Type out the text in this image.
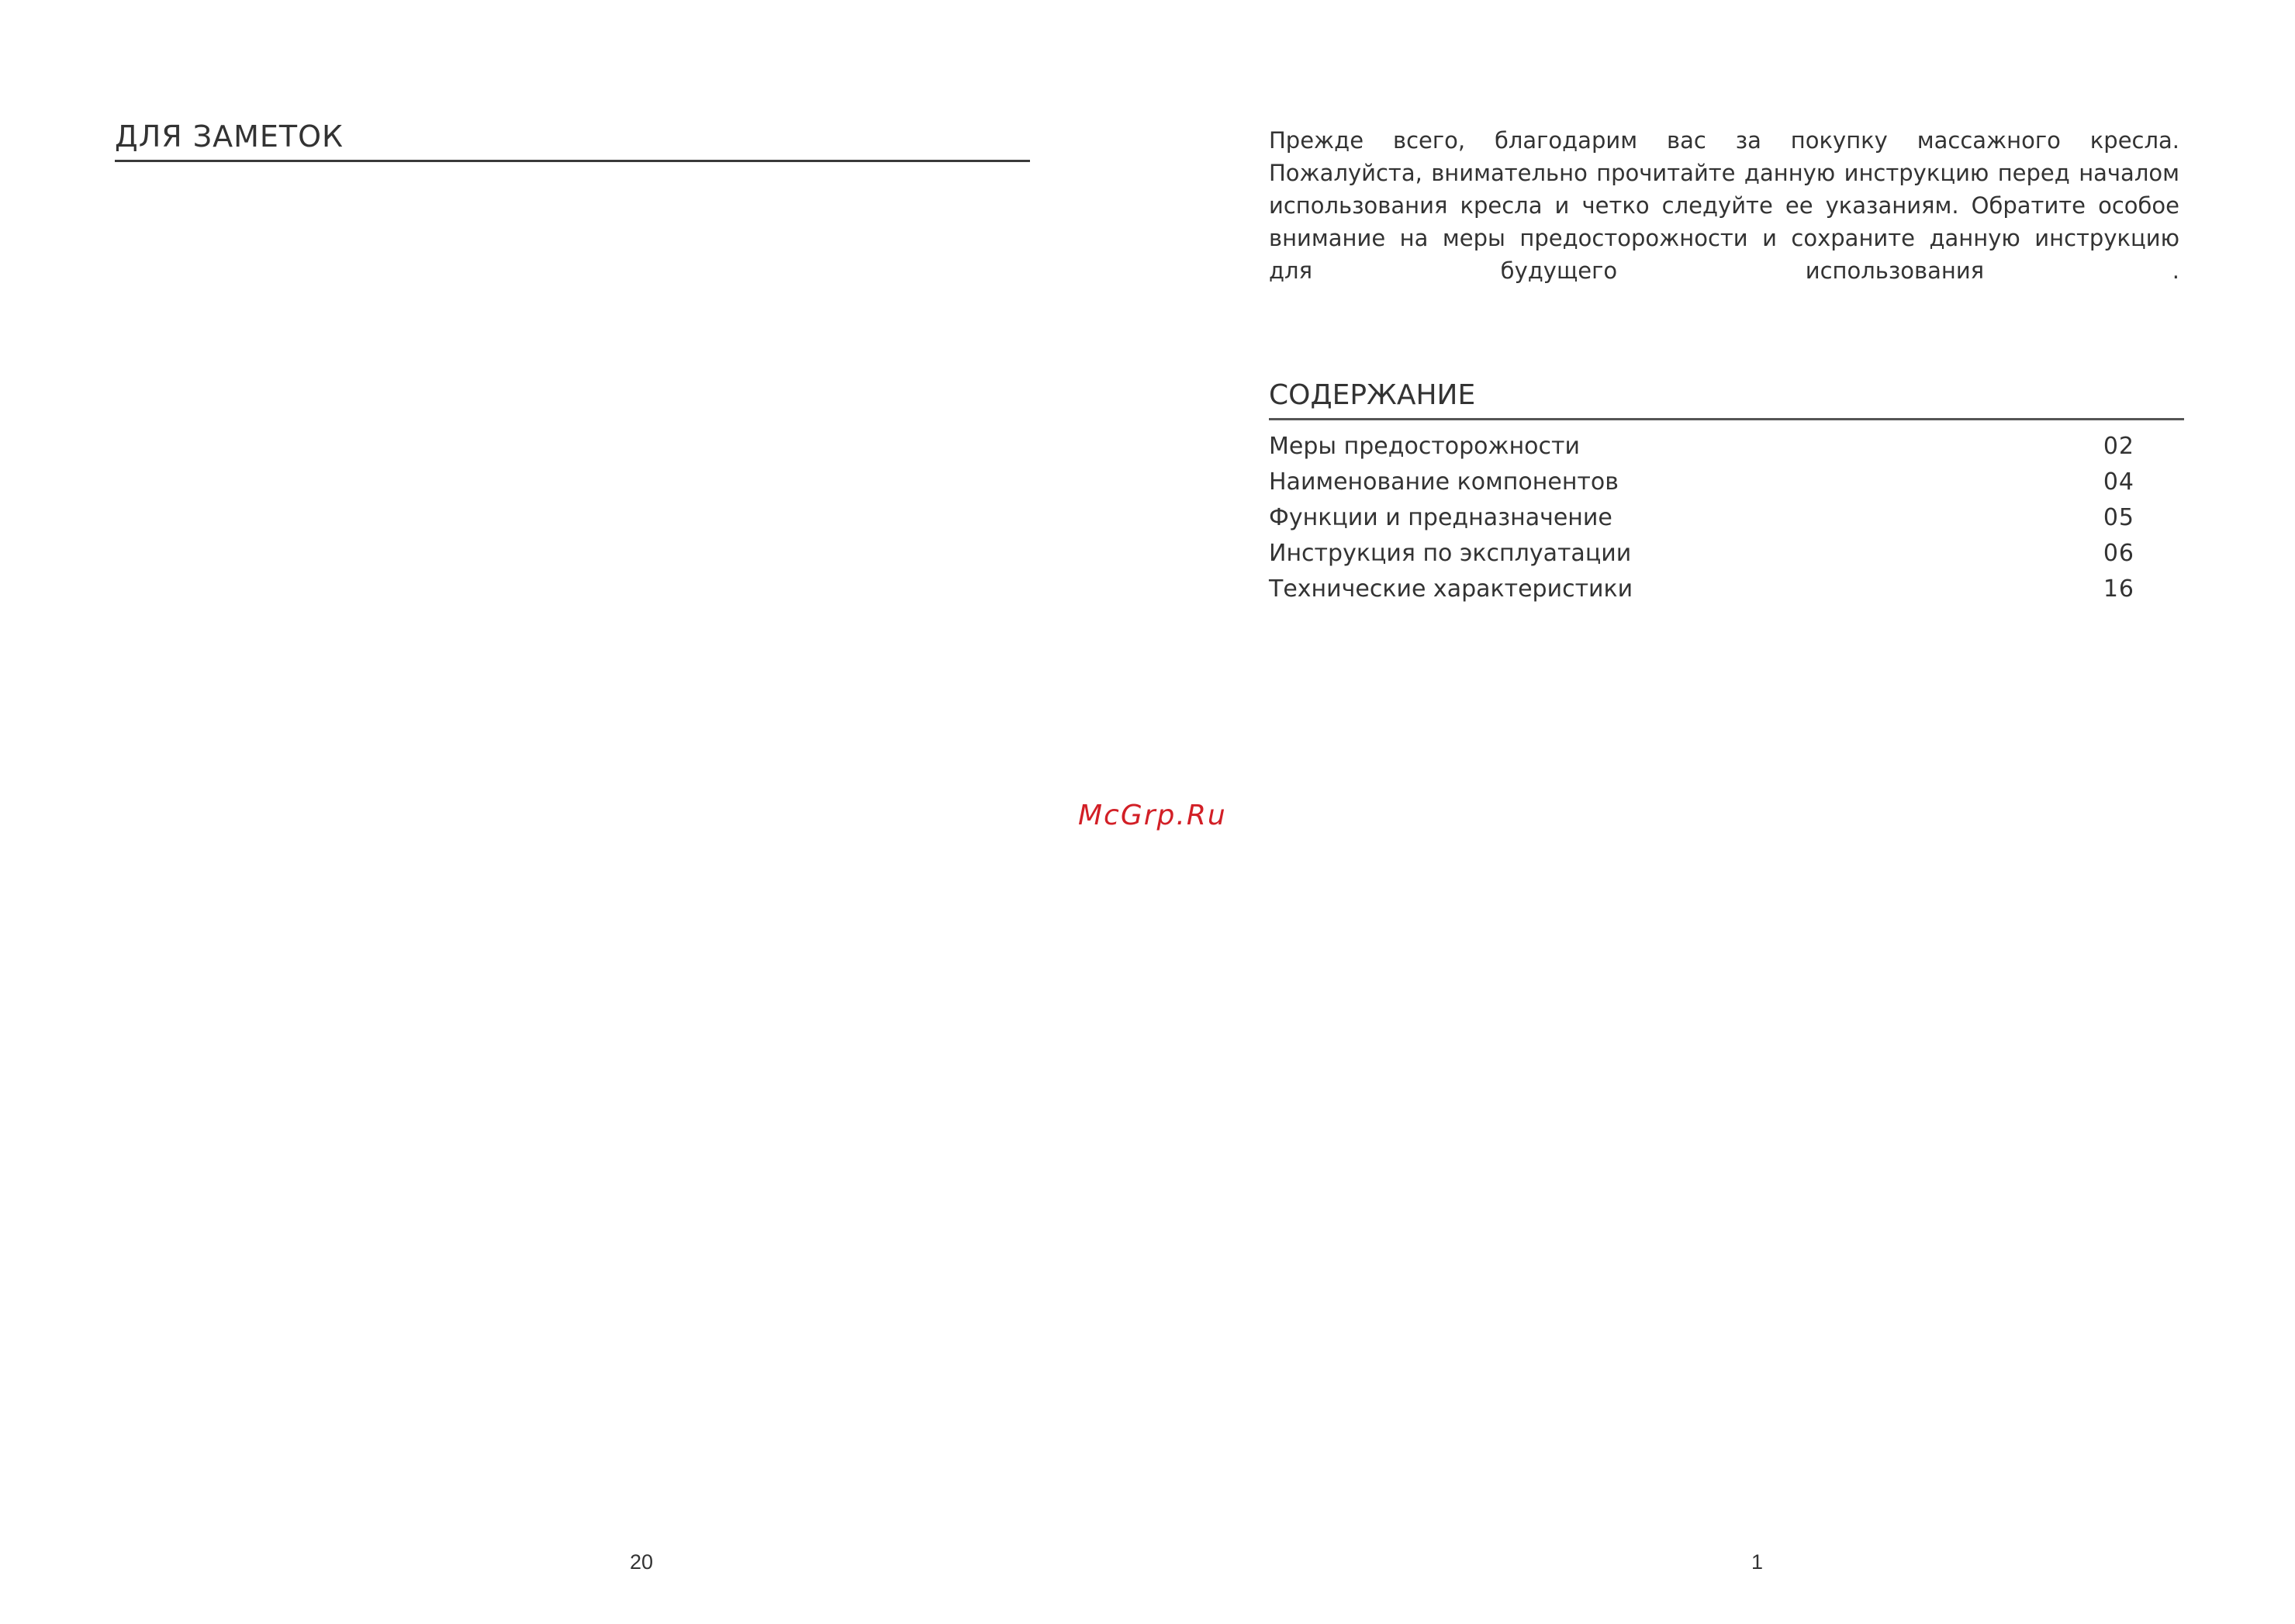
ДЛЯ ЗАМЕТОК	Прежде всего, благодарим вас за покупку массажного кресла. Пожалуйста, внимательно прочитайте данную инструкцию перед началом использования кресла и четко следуйте ее указаниям. Обратите особое внимание на меры предосторожности и сохраните данную инструкцию для будущего использования .
СОДЕРЖАНИЕ
Меры предосторожности	02
Наименование компонентов	04
Функции и предназначение	05
Инструкция по эксплуатации	06
Технические характеристики	16
McGrp.Ru
20	1
